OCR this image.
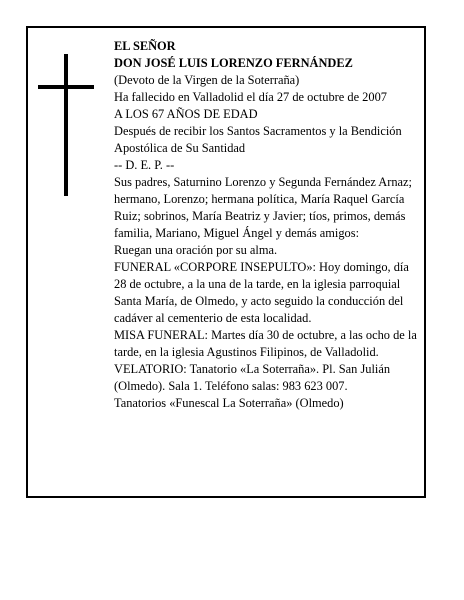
EL SEÑOR

DON JOSÉ LUIS LORENZO FERNÁNDEZ

(Devoto de la Virgen de la Soterraña)

Ha fallecido en Valladolid el día 27 de octubre de 2007

A LOS 67 AÑOS DE EDAD

Después de recibir los Santos Sacramentos y la Bendición Apostólica de Su Santidad

-- D. E. P. --

Sus padres, Saturnino Lorenzo y Segunda Fernández Arnaz; hermano, Lorenzo; hermana política, María Raquel García Ruiz; sobrinos, María Beatriz y Javier; tíos, primos, demás familia, Mariano, Miguel Ángel y demás amigos:

Ruegan una oración por su alma.

FUNERAL «CORPORE INSEPULTO»: Hoy domingo, día 28 de octubre, a la una de la tarde, en la iglesia parroquial Santa María, de Olmedo, y acto seguido la conducción del cadáver al cementerio de esta localidad.

MISA FUNERAL: Martes día 30 de octubre, a las ocho de la tarde, en la iglesia Agustinos Filipinos, de Valladolid.

VELATORIO: Tanatorio «La Soterraña». Pl. San Julián (Olmedo). Sala 1. Teléfono salas: 983 623 007.

Tanatorios «Funescal La Soterraña» (Olmedo)
